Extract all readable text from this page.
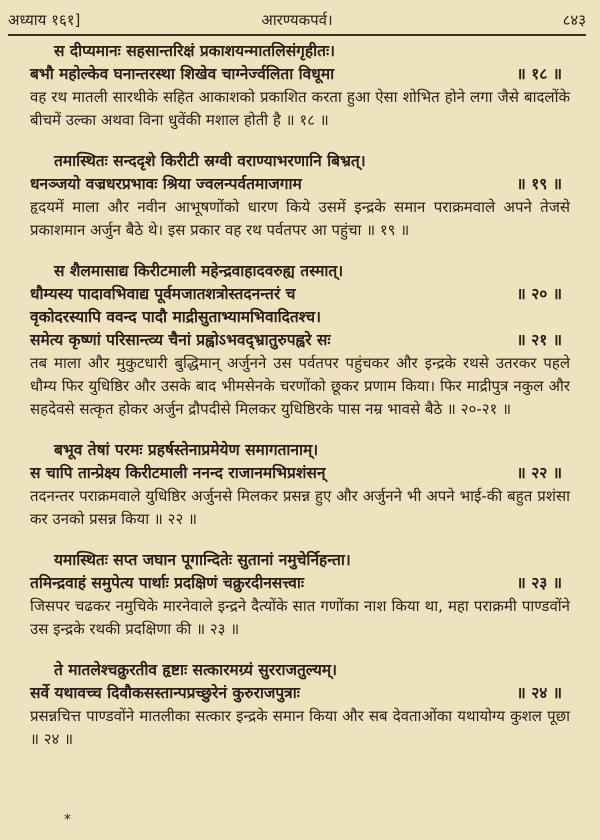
अध्याय १६१]	आरण्यकपर्व।	८४३
स दीप्यमानः सहसान्तरिक्षं प्रकाशयन्मातलिसंगृहीतः।
बभौ महोल्केव घनान्तरस्था शिखेव चाग्नेर्ज्वलिता विधूमा	॥ १८ ॥
वह रथ मातली सारथीके सहित आकाशको प्रकाशित करता हुआ ऐसा शोभित होने लगा जैसे बादलोंके बीचमें उल्का अथवा विना धुवेंकी मशाल होती है ॥ १८ ॥
तमास्थितः सन्ददृशे किरीटी स्रग्वी वराण्याभरणानि बिभ्रत्।
धनञ्जयो वज्रधरप्रभावः श्रिया ज्वलन्पर्वतमाजगाम	॥ १९ ॥
हृदयमें माला और नवीन आभूषणोंको धारण किये उसमें इन्द्रके समान पराक्रमवाले अपने तेजसे प्रकाशमान अर्जुन बैठे थे। इस प्रकार वह रथ पर्वतपर आ पहुंचा ॥ १९ ॥
स शैलमासाद्य किरीटमाली महेन्द्रवाहादवरुह्य तस्मात्।
धौम्यस्य पादावभिवाद्य पूर्वमजातशत्रोस्तदनन्तरं च	॥ २० ॥
वृकोदरस्यापि ववन्द पादौ माद्रीसुताभ्यामभिवादितश्च।
समेत्य कृष्णां परिसान्त्व्य चैनां प्रह्वोऽभवद्भ्रातुरुपह्वरे सः	॥ २१ ॥
तब माला और मुकुटधारी बुद्धिमान् अर्जुनने उस पर्वतपर पहुंचकर और इन्द्रके रथसे उतरकर पहले धौम्य फिर युधिष्ठिर और उसके बाद भीमसेनके चरणोंको छूकर प्रणाम किया। फिर माद्रीपुत्र नकुल और सहदेवसे सत्कृत होकर अर्जुन द्रौपदीसे मिलकर युधिष्ठिरके पास नम्र भावसे बैठे ॥ २०-२१ ॥
बभूव तेषां परमः प्रहर्षस्तेनाप्रमेयेण समागतानाम्।
स चापि तान्प्रेक्ष्य किरीटमाली ननन्द राजानमभिप्रशंसन्	॥ २२ ॥
तदनन्तर पराक्रमवाले युधिष्ठिर अर्जुनसे मिलकर प्रसन्न हुए और अर्जुनने भी अपने भाई-की बहुत प्रशंसा कर उनको प्रसन्न किया ॥ २२ ॥
यमास्थितः सप्त जघान पूगान्दितेः सुतानां नमुचेर्निहन्ता।
तमिन्द्रवाहं समुपेत्य पार्थाः प्रदक्षिणं चक्रुरदीनसत्त्वाः	॥ २३ ॥
जिसपर चढकर नमुचिके मारनेवाले इन्द्रने दैत्योंके सात गणोंका नाश किया था, महा पराक्रमी पाण्डवोंने उस इन्द्रके रथकी प्रदक्षिणा की ॥ २३ ॥
ते मातलेश्चक्रुरतीव हृष्टाः सत्कारमग्र्यं सुरराजतुल्यम्।
सर्वे यथावच्च दिवौकसस्तान्पप्रच्छुरेनं कुरुराजपुत्राः	॥ २४ ॥
प्रसन्नचित्त पाण्डवोंने मातलीका सत्कार इन्द्रके समान किया और सब देवताओंका यथायोग्य कुशल पूछा ॥ २४ ॥
*
